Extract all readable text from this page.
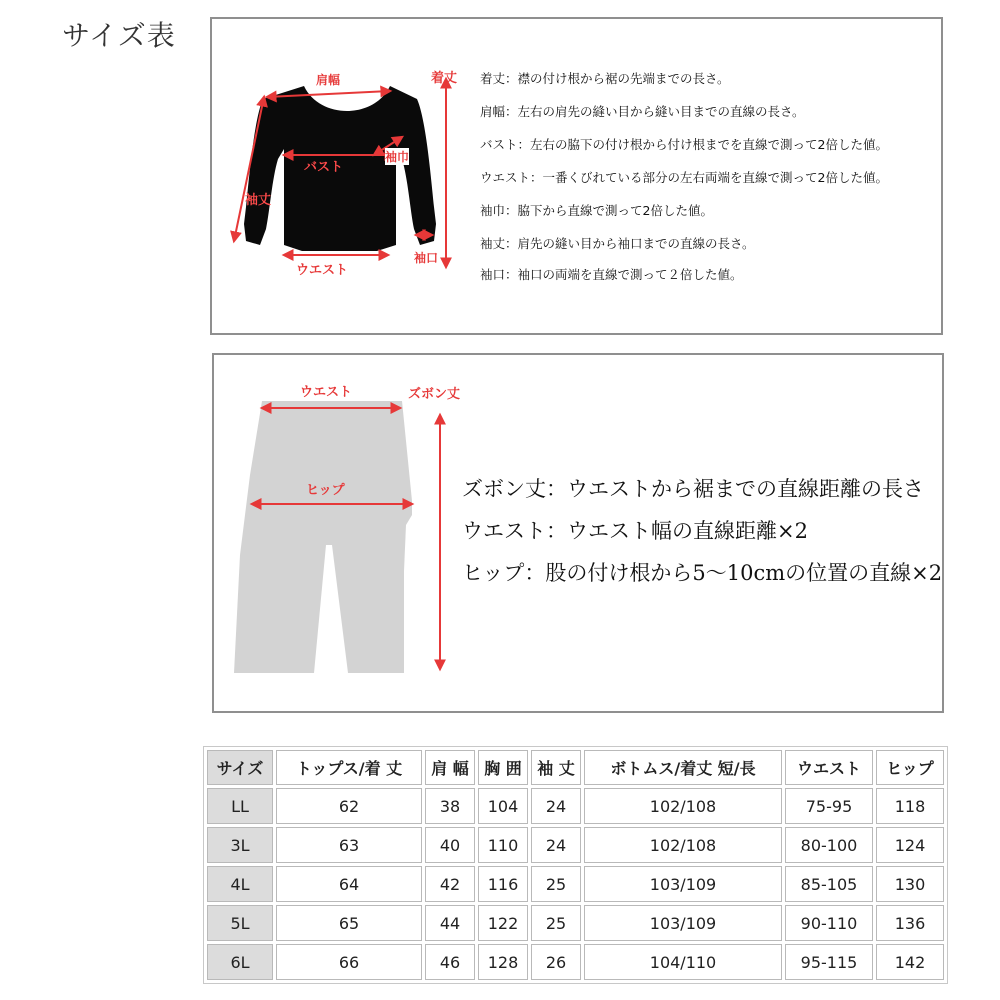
サイズ表
肩幅	着丈
バスト
袖巾
袖丈
袖口
ウエスト
着丈：襟の付け根から裾の先端までの長さ。
肩幅：左右の肩先の縫い目から縫い目までの直線の長さ。
バスト：左右の脇下の付け根から付け根までを直線で測って2倍した値。
ウエスト：一番くびれている部分の左右両端を直線で測って2倍した値。
袖巾：脇下から直線で測って2倍した値。
袖丈：肩先の縫い目から袖口までの直線の長さ。
袖口：袖口の両端を直線で測って２倍した値。
ウエスト	ズボン丈
ヒップ	ズボン丈：ウエストから裾までの直線距離の長さ
ウエスト：ウエスト幅の直線距離×2
ヒップ：股の付け根から5〜10cmの位置の直線×2
サイズ	トップス/着 丈	肩 幅	胸 囲	袖 丈	ボトムス/着丈 短/長	ウエスト	ヒップ
LL	62	38	104	24	102/108	75-95	118
3L	63	40	110	24	102/108	80-100	124
4L	64	42	116	25	103/109	85-105	130
5L	65	44	122	25	103/109	90-110	136
6L	66	46	128	26	104/110	95-115	142
